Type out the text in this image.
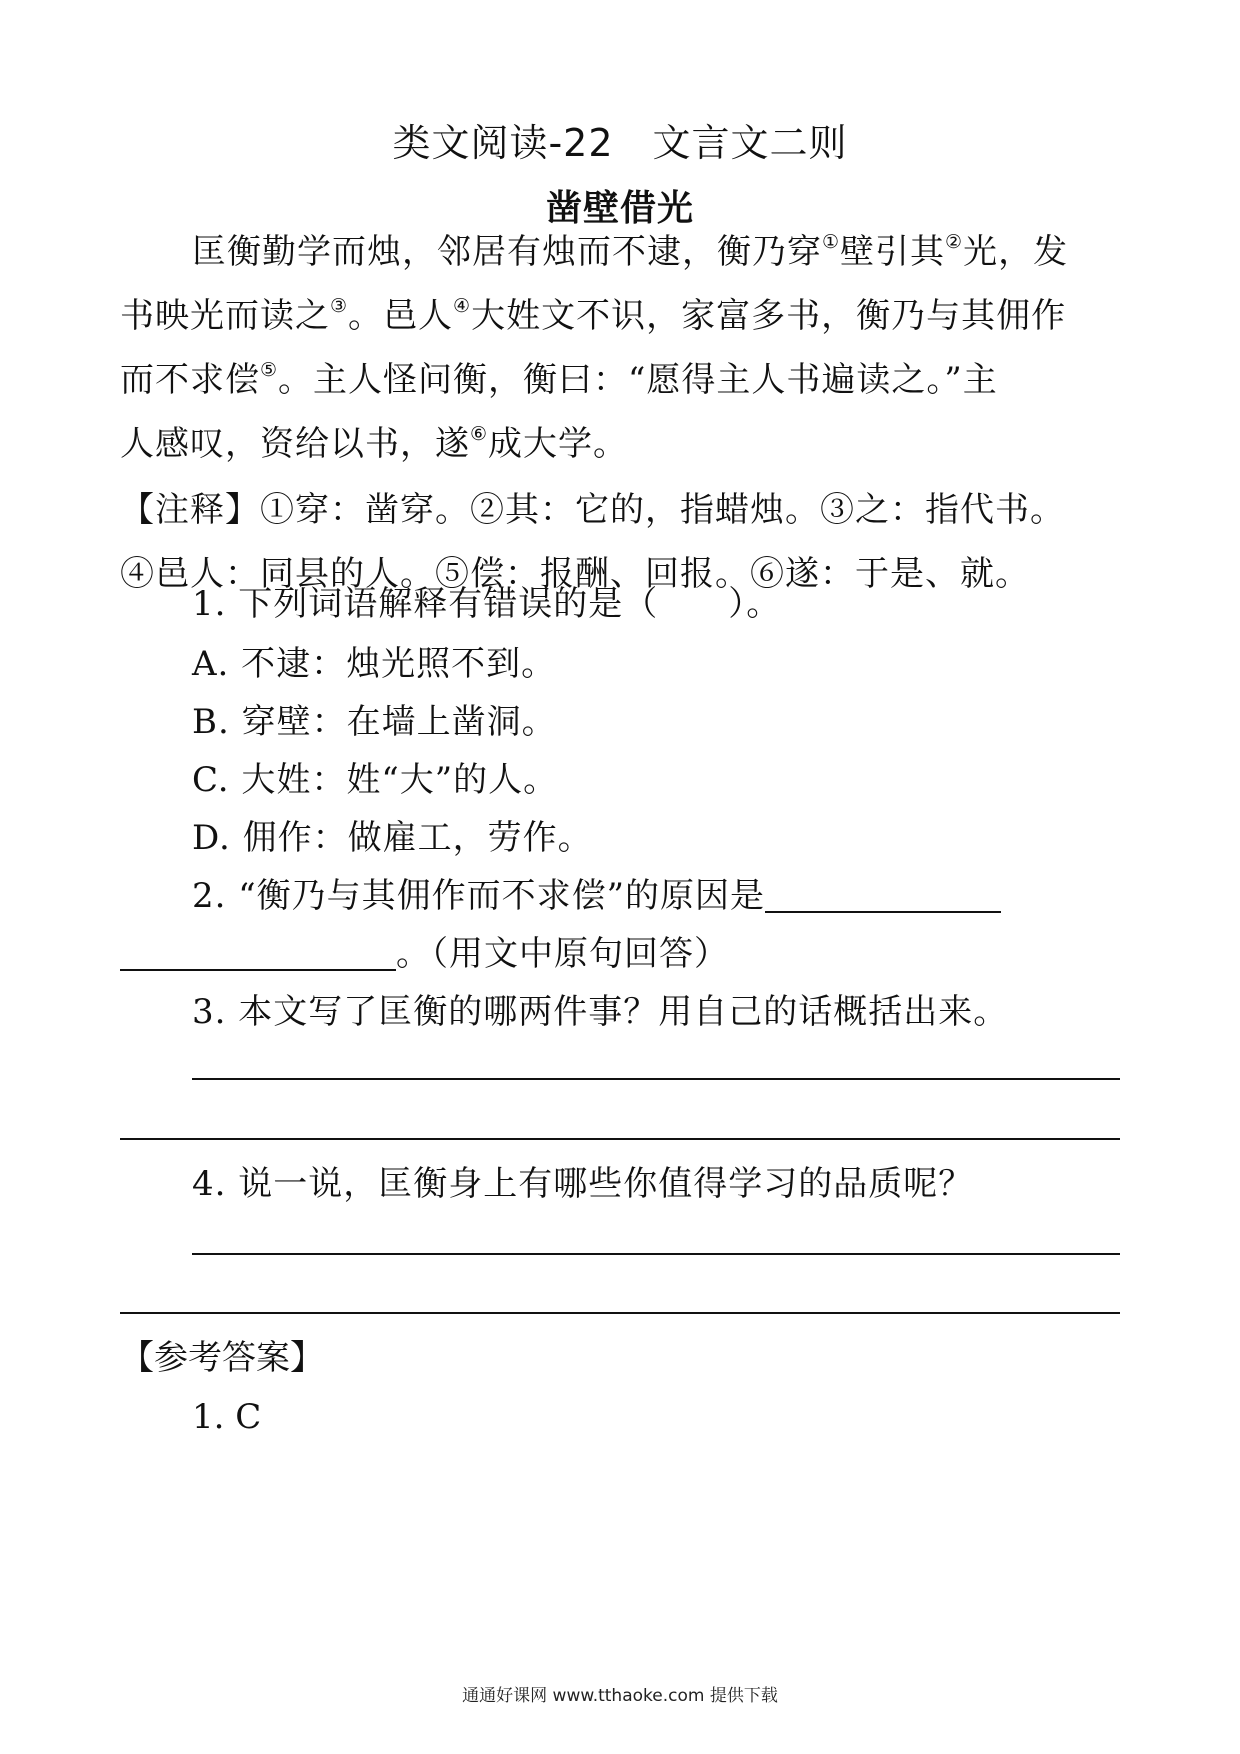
类文阅读-22　文言文二则
凿壁借光
匡衡勤学而烛，邻居有烛而不逮，衡乃穿①壁引其②光，发
书映光而读之③。邑人④大姓文不识，家富多书，衡乃与其佣作
而不求偿⑤。主人怪问衡，衡曰：“愿得主人书遍读之。”主
人感叹，资给以书，遂⑥成大学。
【注释】①穿：凿穿。②其：它的，指蜡烛。③之：指代书。
④邑人：同县的人。⑤偿：报酬、回报。⑥遂：于是、就。
1. 下列词语解释有错误的是（　　）。
A. 不逮：烛光照不到。
B. 穿壁：在墙上凿洞。
C. 大姓：姓“大”的人。
D. 佣作：做雇工，劳作。
2. “衡乃与其佣作而不求偿”的原因是
。（用文中原句回答）
3. 本文写了匡衡的哪两件事？用自己的话概括出来。
4. 说一说，匡衡身上有哪些你值得学习的品质呢？
【参考答案】
1. C
通通好课网 www.tthaoke.com 提供下载
